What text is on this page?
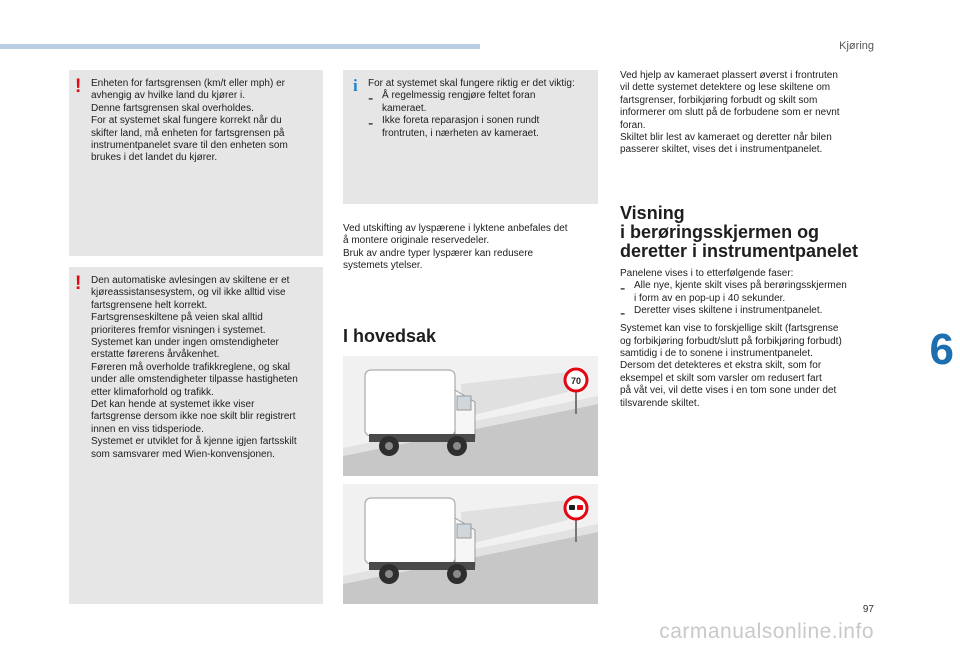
Kjøring
! Enheten for fartsgrensen (km/t eller mph) er

avhengig av hvilke land du kjører i.

Denne fartsgrensen skal overholdes.

For at systemet skal fungere korrekt når du

skifter land, må enheten for fartsgrensen på

instrumentpanelet svare til den enheten som

brukes i det landet du kjører.

! Den automatiske avlesingen av skiltene er et

kjøreassistansesystem, og vil ikke alltid vise

fartsgrensene helt korrekt.

Fartsgrenseskiltene på veien skal alltid

prioriteres fremfor visningen i systemet.

Systemet kan under ingen omstendigheter

erstatte førerens årvåkenhet.

Føreren må overholde trafikkreglene, og skal

under alle omstendigheter tilpasse hastigheten

etter klimaforhold og trafikk.

Det kan hende at systemet ikke viser

fartsgrense dersom ikke noe skilt blir registrert

innen en viss tidsperiode.

Systemet er utviklet for å kjenne igjen fartsskilt

som samsvarer med Wien-konvensjonen.

i For at systemet skal fungere riktig er det viktig:

- Å regelmessig rengjøre feltet foran

kameraet.

- Ikke foreta reparasjon i sonen rundt

frontruten, i nærheten av kameraet.

Ved utskifting av lyspærene i lyktene anbefales det

å montere originale reservedeler.

Bruk av andre typer lyspærer kan redusere

systemets ytelser.

I hovedsak
70

Ved hjelp av kameraet plassert øverst i frontruten

vil dette systemet detektere og lese skiltene om

fartsgrenser, forbikjøring forbudt og skilt som

informerer om slutt på de forbudene som er nevnt

foran.

Skiltet blir lest av kameraet og deretter når bilen

passerer skiltet, vises det i instrumentpanelet.

Visning
i berøringsskjermen og
deretter i instrumentpanelet

Panelene vises i to etterfølgende faser:

- Alle nye, kjente skilt vises på berøringsskjermen

i form av en pop-up i 40 sekunder.

- Deretter vises skiltene i instrumentpanelet.

Systemet kan vise to forskjellige skilt (fartsgrense

og forbikjøring forbudt/slutt på forbikjøring forbudt)

samtidig i de to sonene i instrumentpanelet.

Dersom det detekteres et ekstra skilt, som for

eksempel et skilt som varsler om redusert fart

på våt vei, vil dette vises i en tom sone under det

tilsvarende skiltet.

6
97
carmanualsonline.info
